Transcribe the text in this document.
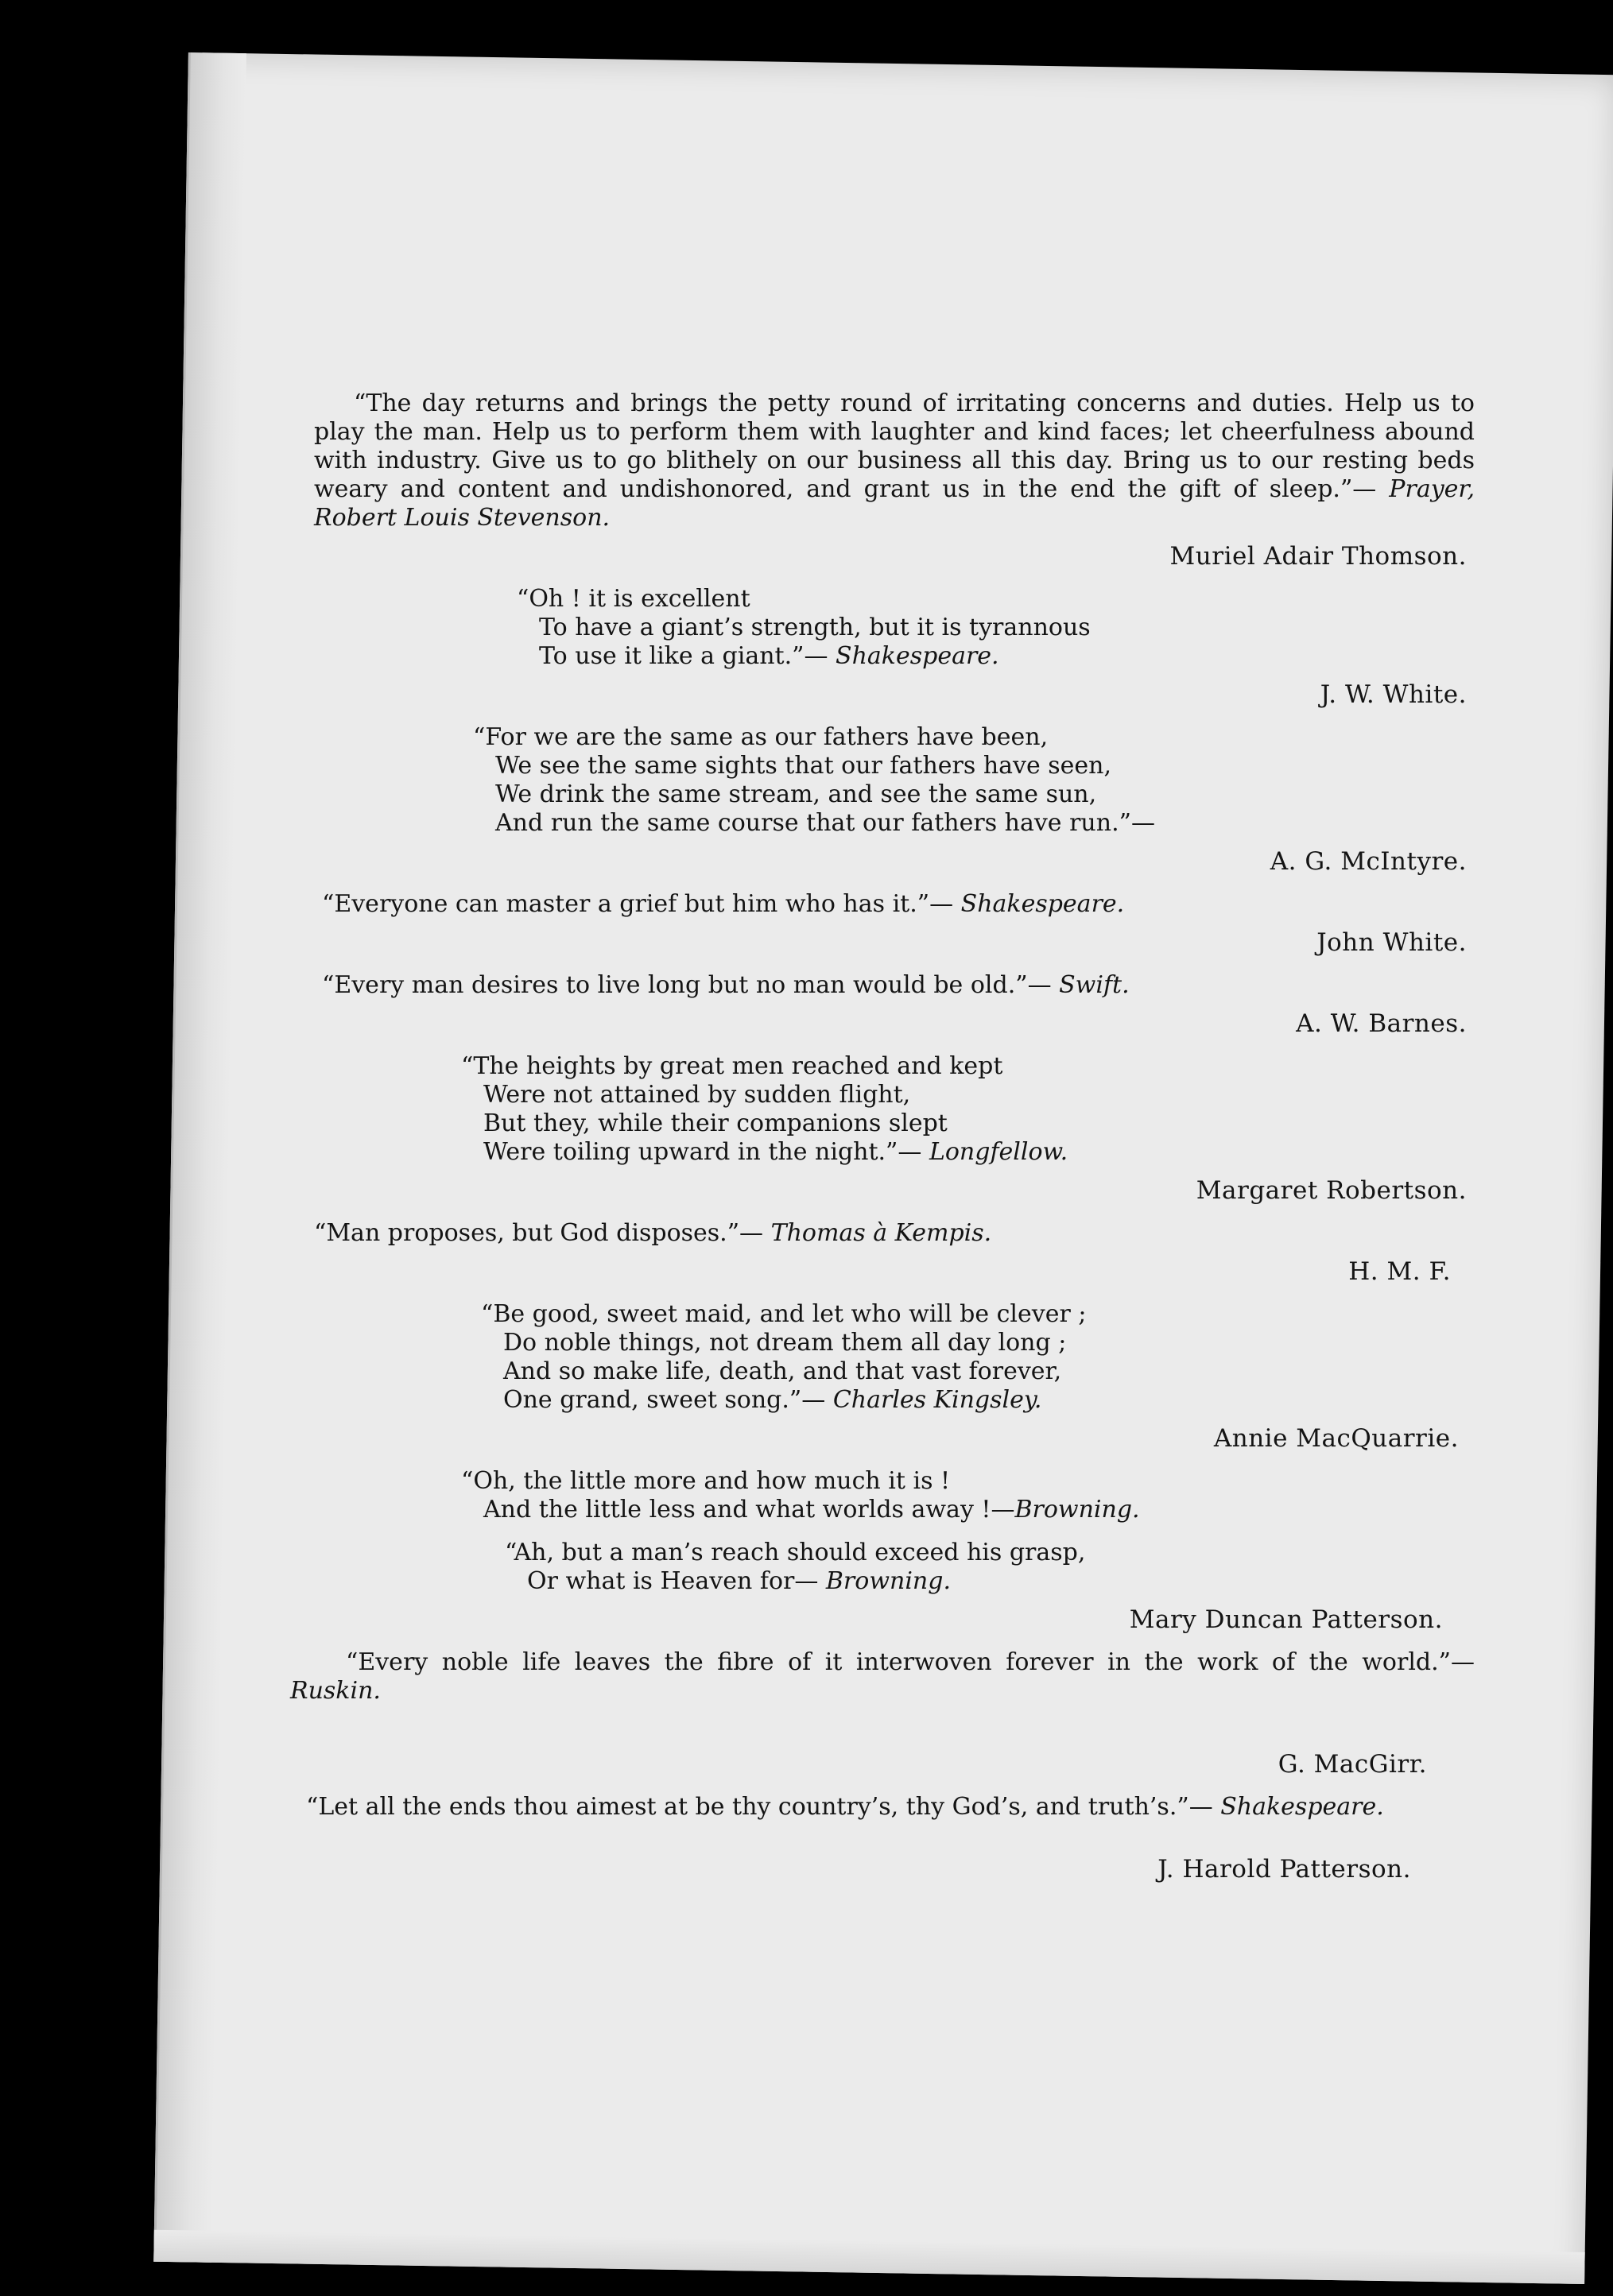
“The day returns and brings the petty round of irritating concerns and duties. Help us to play the man. Help us to perform them with laughter and kind faces; let cheerfulness abound with industry. Give us to go blithely on our business all this day. Bring us to our resting beds weary and content and undishonored, and grant us in the end the gift of sleep.”— Prayer, Robert Louis Stevenson.

Muriel Adair Thomson.
“Oh ! it is excellent
To have a giant’s strength, but it is tyrannous
To use it like a giant.”— Shakespeare.
J. W. White.
“For we are the same as our fathers have been,
We see the same sights that our fathers have seen,
We drink the same stream, and see the same sun,
And run the same course that our fathers have run.”—
A. G. McIntyre.

“Everyone can master a grief but him who has it.”— Shakespeare.

John White.

“Every man desires to live long but no man would be old.”— Swift.

A. W. Barnes.
“The heights by great men reached and kept
Were not attained by sudden flight,
But they, while their companions slept
Were toiling upward in the night.”— Longfellow.
Margaret Robertson.

“Man proposes, but God disposes.”— Thomas à Kempis.

H. M. F.
“Be good, sweet maid, and let who will be clever ;
Do noble things, not dream them all day long ;
And so make life, death, and that vast forever,
One grand, sweet song.”— Charles Kingsley.
Annie MacQuarrie.
“Oh, the little more and how much it is !
And the little less and what worlds away !—Browning.
“Ah, but a man’s reach should exceed his grasp,
Or what is Heaven for— Browning.
Mary Duncan Patterson.

“Every noble life leaves the fibre of it interwoven forever in the work of the world.”— Ruskin.

G. MacGirr.

“Let all the ends thou aimest at be thy country’s, thy God’s, and truth’s.”— Shakespeare.

J. Harold Patterson.
